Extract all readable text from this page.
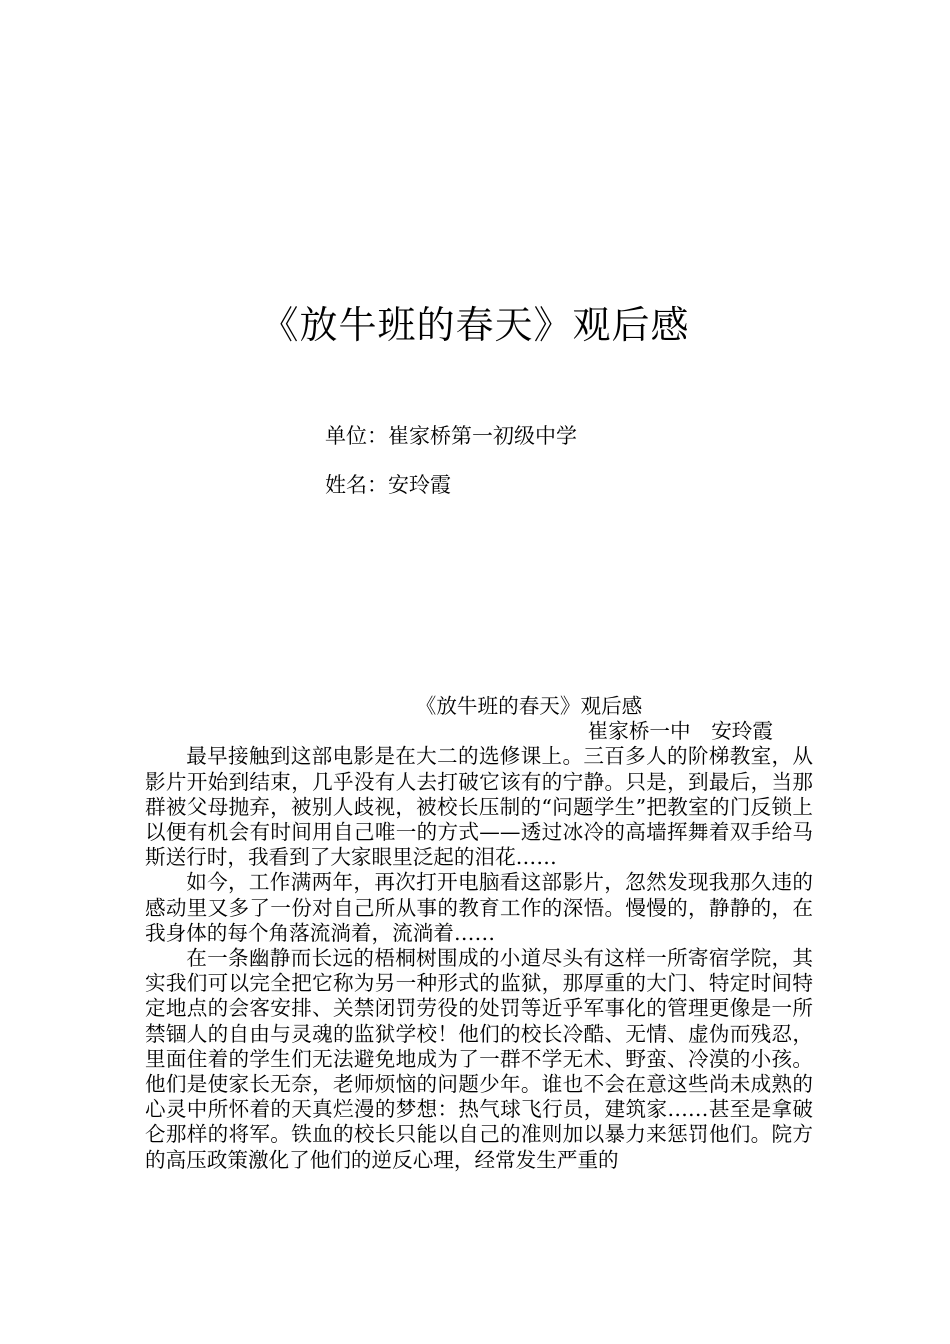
《放牛班的春天》观后感
单位：崔家桥第一初级中学
姓名：安玲霞
《放牛班的春天》观后感
崔家桥一中　安玲霞

最早接触到这部电影是在大二的选修课上。三百多人的阶梯教室，从影片开始到结束，几乎没有人去打破它该有的宁静。只是，到最后，当那群被父母抛弃，被别人歧视，被校长压制的“问题学生”把教室的门反锁上以便有机会有时间用自己唯一的方式——透过冰冷的高墙挥舞着双手给马斯送行时，我看到了大家眼里泛起的泪花……

如今，工作满两年，再次打开电脑看这部影片，忽然发现我那久违的感动里又多了一份对自己所从事的教育工作的深悟。慢慢的，静静的，在我身体的每个角落流淌着，流淌着……

在一条幽静而长远的梧桐树围成的小道尽头有这样一所寄宿学院，其实我们可以完全把它称为另一种形式的监狱，那厚重的大门、特定时间特定地点的会客安排、关禁闭罚劳役的处罚等近乎军事化的管理更像是一所禁锢人的自由与灵魂的监狱学校！他们的校长冷酷、无情、虚伪而残忍，里面住着的学生们无法避免地成为了一群不学无术、野蛮、冷漠的小孩。他们是使家长无奈，老师烦恼的问题少年。谁也不会在意这些尚未成熟的心灵中所怀着的天真烂漫的梦想：热气球飞行员，建筑家……甚至是拿破仑那样的将军。铁血的校长只能以自己的准则加以暴力来惩罚他们。院方的高压政策激化了他们的逆反心理，经常发生严重的
